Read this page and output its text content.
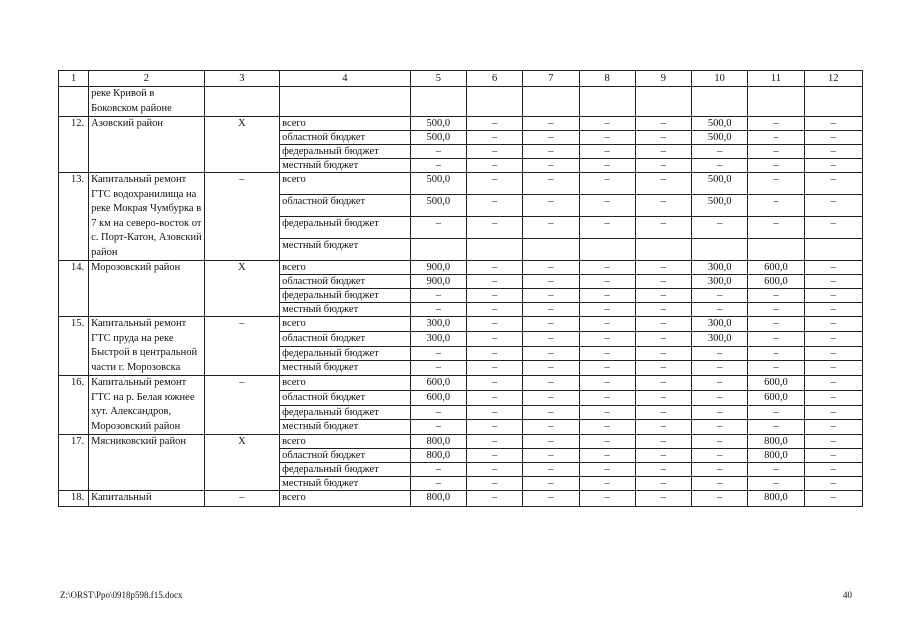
1	2	3	4	5	6	7	8	9	10	11	12
	реке Кривой в Боковском районе										
12.	Азовский район	X	всего	500,0	–	–	–	–	500,0	–	–
			областной бюджет	500,0	–	–	–	–	500,0	–	–
			федеральный бюджет	–	–	–	–	–	–	–	–
			местный бюджет	–	–	–	–	–	–	–	–
13.	Капитальный ремонт ГТС водохранилища на реке Мокрая Чумбурка в 7 км на северо-восток от с. Порт-Катон, Азовский район	–	всего	500,0	–	–	–	–	500,0	–	–
			областной бюджет	500,0	–	–	–	–	500,0	–	–
			федеральный бюджет	–	–	–	–	–	–	–	–
			местный бюджет								
14.	Морозовский район	X	всего	900,0	–	–	–	–	300,0	600,0	–
			областной бюджет	900,0	–	–	–	–	300,0	600,0	–
			федеральный бюджет	–	–	–	–	–	–	–	–
			местный бюджет	–	–	–	–	–	–	–	–
15.	Капитальный ремонт ГТС пруда на реке Быстрой в центральной части г. Морозовска	–	всего	300,0	–	–	–	–	300,0	–	–
			областной бюджет	300,0	–	–	–	–	300,0	–	–
			федеральный бюджет	–	–	–	–	–	–	–	–
			местный бюджет	–	–	–	–	–	–	–	–
16.	Капитальный ремонт ГТС на р. Белая южнее хут. Александров, Морозовский район	–	всего	600,0	–	–	–	–	–	600,0	–
			областной бюджет	600,0	–	–	–	–	–	600,0	–
			федеральный бюджет	–	–	–	–	–	–	–	–
			местный бюджет	–	–	–	–	–	–	–	–
17.	Мясниковский район	X	всего	800,0	–	–	–	–	–	800,0	–
			областной бюджет	800,0	–	–	–	–	–	800,0	–
			федеральный бюджет	–	–	–	–	–	–	–	–
			местный бюджет	–	–	–	–	–	–	–	–
18.	Капитальный	–	всего	800,0	–	–	–	–	–	800,0	–
Z:\ORST\Ppo\0918p598.f15.docx	40
